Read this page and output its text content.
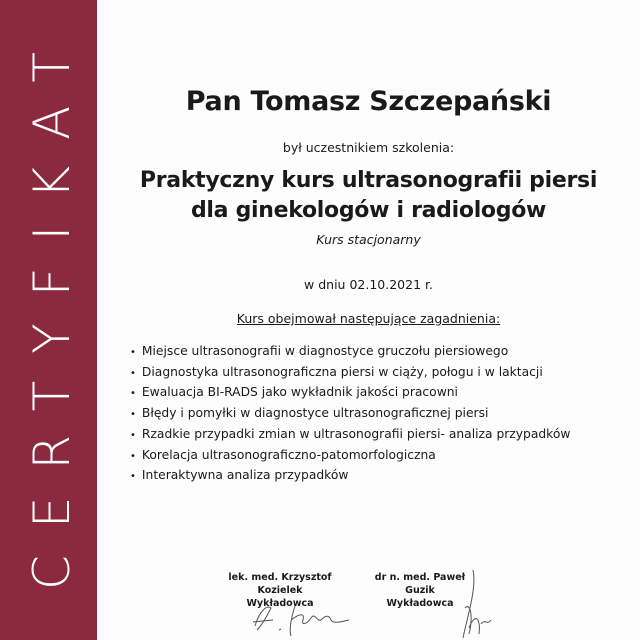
CERTYFIKAT	Pan Tomasz Szczepański
był uczestnikiem szkolenia:
Praktyczny kurs ultrasonografii piersi
dla ginekologów i radiologów
Kurs stacjonarny
w dniu 02.10.2021 r.
Kurs obejmował następujące zagadnienia:
• Miejsce ultrasonografii w diagnostyce gruczołu piersiowego
• Diagnostyka ultrasonograficzna piersi w ciąży, połogu i w laktacji
• Ewaluacja BI-RADS jako wykładnik jakości pracowni
• Błędy i pomyłki w diagnostyce ultrasonograficznej piersi
• Rzadkie przypadki zmian w ultrasonografii piersi- analiza przypadków
• Korelacja ultrasonograficzno-patomorfologiczna
• Interaktywna analiza przypadków
lek. med. Krzysztof Kozielek
Wykładowca
dr n. med. Paweł Guzik
Wykładowca
